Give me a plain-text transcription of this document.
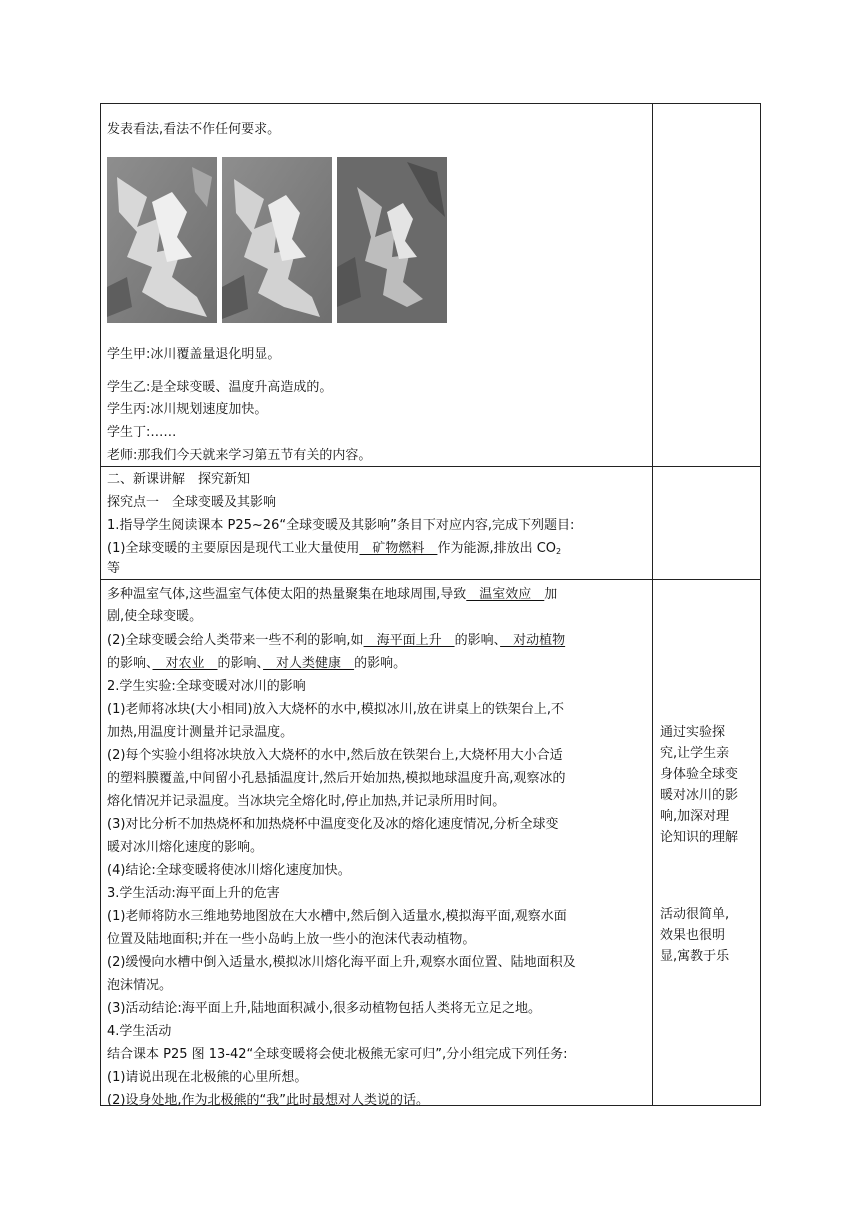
发表看法,看法不作任何要求。
学生甲:冰川覆盖量退化明显。
学生乙:是全球变暖、温度升高造成的。
学生丙:冰川规划速度加快。
学生丁:……
老师:那我们今天就来学习第五节有关的内容。
二、新课讲解　探究新知
探究点一　全球变暖及其影响
1.指导学生阅读课本 P25~26“全球变暖及其影响”条目下对应内容,完成下列题目:
(1)全球变暖的主要原因是现代工业大量使用　矿物燃料　作为能源,排放出 $CO_2$
等
多种温室气体,这些温室气体使太阳的热量聚集在地球周围,导致　温室效应　加
剧,使全球变暖。
(2)全球变暖会给人类带来一些不利的影响,如　海平面上升　的影响、　对动植物
的影响、　对农业　的影响、　对人类健康　的影响。
2.学生实验:全球变暖对冰川的影响
(1)老师将冰块(大小相同)放入大烧杯的水中,模拟冰川,放在讲桌上的铁架台上,不
加热,用温度计测量并记录温度。
(2)每个实验小组将冰块放入大烧杯的水中,然后放在铁架台上,大烧杯用大小合适
的塑料膜覆盖,中间留小孔悬插温度计,然后开始加热,模拟地球温度升高,观察冰的
熔化情况并记录温度。当冰块完全熔化时,停止加热,并记录所用时间。
(3)对比分析不加热烧杯和加热烧杯中温度变化及冰的熔化速度情况,分析全球变
暖对冰川熔化速度的影响。
(4)结论:全球变暖将使冰川熔化速度加快。
3.学生活动:海平面上升的危害
(1)老师将防水三维地势地图放在大水槽中,然后倒入适量水,模拟海平面,观察水面
位置及陆地面积;并在一些小岛屿上放一些小的泡沫代表动植物。
(2)缓慢向水槽中倒入适量水,模拟冰川熔化海平面上升,观察水面位置、陆地面积及
泡沫情况。
(3)活动结论:海平面上升,陆地面积减小,很多动植物包括人类将无立足之地。
4.学生活动
结合课本 P25 图 13-42“全球变暖将会使北极熊无家可归”,分小组完成下列任务:
(1)请说出现在北极熊的心里所想。
(2)设身处地,作为北极熊的“我”此时最想对人类说的话。
通过实验探
究,让学生亲
身体验全球变
暖对冰川的影
响,加深对理
论知识的理解
活动很简单,
效果也很明
显,寓教于乐
